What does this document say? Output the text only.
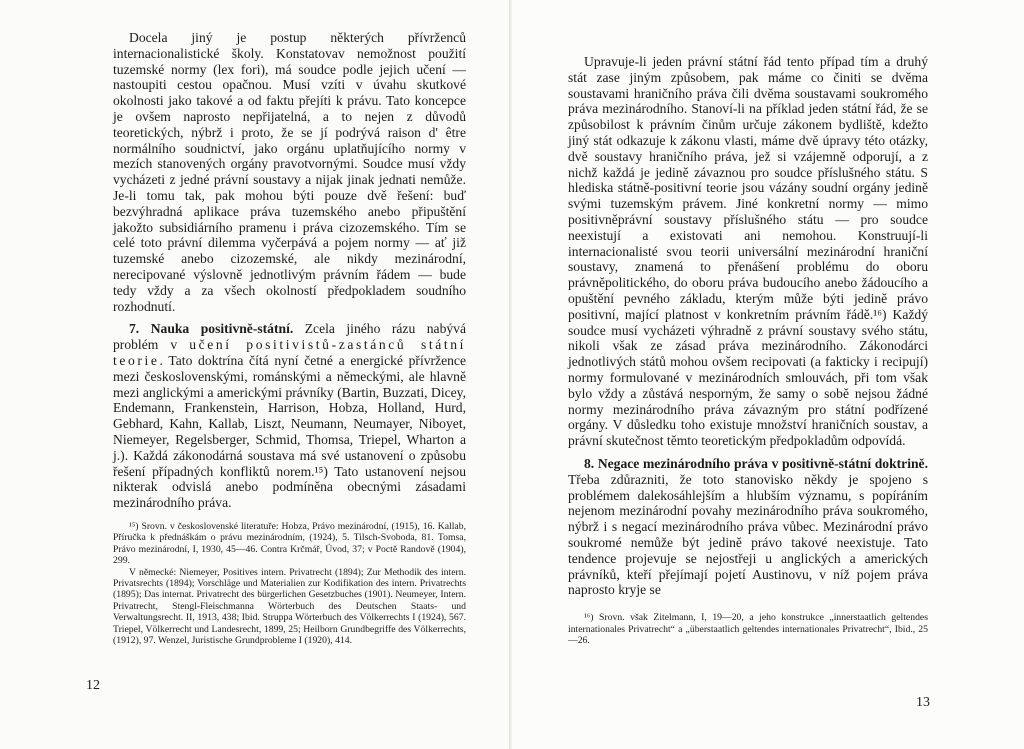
Docela jiný je postup některých přívrženců internacionalistické školy. Konstatovav nemožnost použití tuzemské normy (lex fori), má soudce podle jejich učení — nastoupiti cestou opačnou. Musí vzíti v úvahu skutkové okolnosti jako takové a od faktu přejíti k právu. Tato koncepce je ovšem naprosto nepřijatelná, a to nejen z důvodů teoretických, nýbrž i proto, že se jí podrývá raison d' être normálního soudnictví, jako orgánu uplatňujícího normy v mezích stanovených orgány pravotvornými. Soudce musí vždy vycházeti z jedné právní soustavy a nijak jinak jednati nemůže. Je-li tomu tak, pak mohou býti pouze dvě řešení: buď bezvýhradná aplikace práva tuzemského anebo připuštění jakožto subsidiárního pramenu i práva cizozemského. Tím se celé toto právní dilemma vyčerpává a pojem normy — ať již tuzemské anebo cizozemské, ale nikdy mezinárodní, nerecipované výslovně jednotlivým právním řádem — bude tedy vždy a za všech okolností předpokladem soudního rozhodnutí.

7. Nauka positivně-státní. Zcela jiného rázu nabývá problém v učení positivistů-zastánců státní teorie. Tato doktrína čítá nyní četné a energické přívržence mezi československými, románskými a německými, ale hlavně mezi anglickými a americkými právníky (Bartin, Buzzati, Dicey, Endemann, Frankenstein, Harrison, Hobza, Holland, Hurd, Gebhard, Kahn, Kallab, Liszt, Neumann, Neumayer, Niboyet, Niemeyer, Regelsberger, Schmid, Thomsa, Triepel, Wharton a j.). Každá zákonodárná soustava má své ustanovení o způsobu řešení případných konfliktů norem.¹⁵) Tato ustanovení nejsou nikterak odvislá anebo podmíněna obecnými zásadami mezinárodního práva.

¹⁵) Srovn. v československé literatuře: Hobza, Právo mezinárodní, (1915), 16. Kallab, Příručka k přednáškám o právu mezinárodním, (1924), 5. Tilsch-Svoboda, 81. Tomsa, Právo mezinárodní, I, 1930, 45—46. Contra Krčmář, Úvod, 37; v Poctě Randově (1904), 299.

V německé: Niemeyer, Positives intern. Privatrecht (1894); Zur Methodik des intern. Privatsrechts (1894); Vorschläge und Materialien zur Kodifikation des intern. Privatrechts (1895); Das internat. Privatrecht des bürgerlichen Gesetzbuches (1901). Neumeyer, Intern. Privatrecht, Stengl-Fleischmanna Wörterbuch des Deutschen Staats- und Verwaltungsrecht. II, 1913, 438; Ibid. Struppa Wörterbuch des Völkerrechts I (1924), 567. Triepel, Völkerrecht und Landesrecht, 1899, 25; Heilborn Grundbegriffe des Völkerrechts, (1912), 97. Wenzel, Juristische Grundprobleme I (1920), 414.

12

Upravuje-li jeden právní státní řád tento případ tím a druhý stát zase jiným způsobem, pak máme co činiti se dvěma soustavami hraničního práva čili dvěma soustavami soukromého práva mezinárodního. Stanoví-li na příklad jeden státní řád, že se způsobilost k právním činům určuje zákonem bydliště, kdežto jiný stát odkazuje k zákonu vlasti, máme dvě úpravy této otázky, dvě soustavy hraničního práva, jež si vzájemně odporují, a z nichž každá je jedině závaznou pro soudce příslušného státu. S hlediska státně-positivní teorie jsou vázány soudní orgány jedině svými tuzemským právem. Jiné konkretní normy — mimo positivněprávní soustavy příslušného státu — pro soudce neexistují a existovati ani nemohou. Konstruují-li internacionalisté svou teorii universální mezinárodní hraniční soustavy, znamená to přenášení problému do oboru právněpolitického, do oboru práva budoucího anebo žádoucího a opuštění pevného základu, kterým může býti jedině právo positivní, mající platnost v konkretním právním řádě.¹⁶) Každý soudce musí vycházeti výhradně z právní soustavy svého státu, nikoli však ze zásad práva mezinárodního. Zákonodárci jednotlivých států mohou ovšem recipovati (a fakticky i recipují) normy formulované v mezinárodních smlouvách, při tom však bylo vždy a zůstává nesporným, že samy o sobě nejsou žádné normy mezinárodního práva závazným pro státní podřízené orgány. V důsledku toho existuje množství hraničních soustav, a právní skutečnost těmto teoretickým předpokladům odpovídá.

8. Negace mezinárodního práva v positivně-státní doktrině. Třeba zdůrazniti, že toto stanovisko někdy je spojeno s problémem dalekosáhlejším a hlubším významu, s popíráním nejenom mezinárodní povahy mezinárodního práva soukromého, nýbrž i s negací mezinárodního práva vůbec. Mezinárodní právo soukromé nemůže být jedině právo takové neexistuje. Tato tendence projevuje se nejostřeji u anglických a amerických právníků, kteří přejímají pojetí Austinovu, v níž pojem práva naprosto kryje se

¹⁶) Srovn. však Zitelmann, I, 19—20, a jeho konstrukce „innerstaatlich geltendes internationales Privatrecht“ a „überstaatlich geltendes internationales Privatrecht“, Ibid., 25—26.

13
